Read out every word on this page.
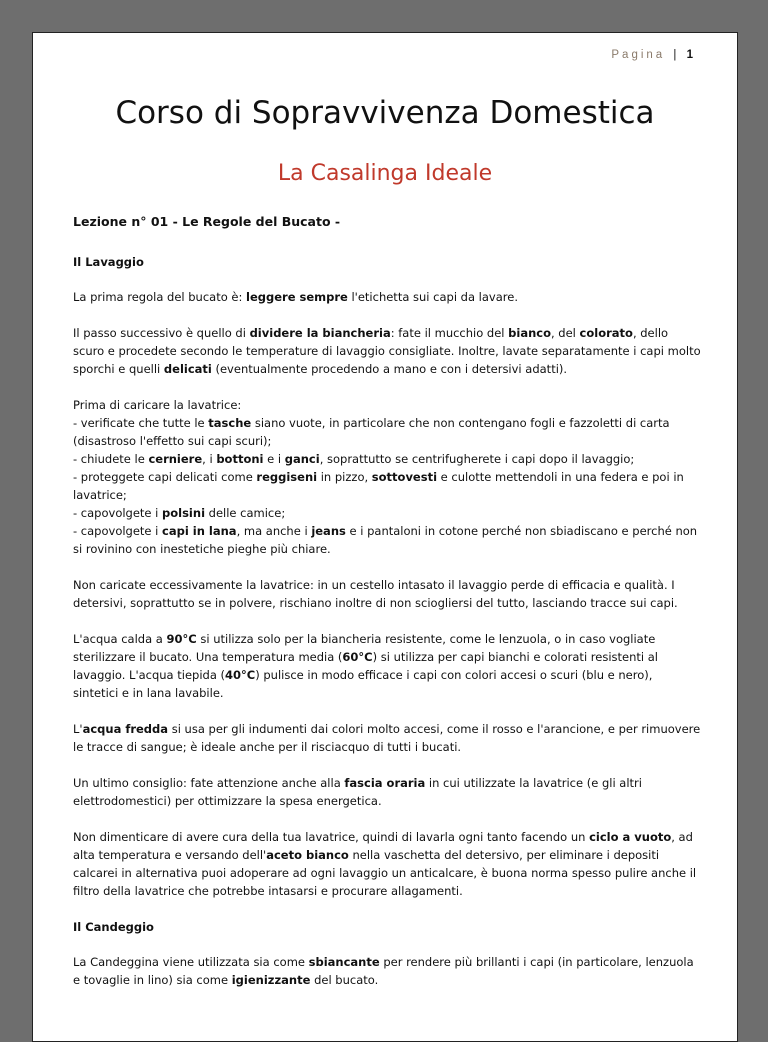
Pagina | 1
Corso di Sopravvivenza Domestica
La Casalinga Ideale
Lezione n° 01 - Le Regole del Bucato -
Il Lavaggio
La prima regola del bucato è: leggere sempre l'etichetta sui capi da lavare.
Il passo successivo è quello di dividere la biancheria: fate il mucchio del bianco, del colorato, dello scuro e procedete secondo le temperature di lavaggio consigliate. Inoltre, lavate separatamente i capi molto sporchi e quelli delicati (eventualmente procedendo a mano e con i detersivi adatti).
Prima di caricare la lavatrice:
- verificate che tutte le tasche siano vuote, in particolare che non contengano fogli e fazzoletti di carta (disastroso l'effetto sui capi scuri);
- chiudete le cerniere, i bottoni e i ganci, soprattutto se centrifugherete i capi dopo il lavaggio;
- proteggete capi delicati come reggiseni in pizzo, sottovesti e culotte mettendoli in una federa e poi in lavatrice;
- capovolgete i polsini delle camice;
- capovolgete i capi in lana, ma anche i jeans e i pantaloni in cotone perché non sbiadiscano e perché non si rovinino con inestetiche pieghe più chiare.
Non caricate eccessivamente la lavatrice: in un cestello intasato il lavaggio perde di efficacia e qualità. I detersivi, soprattutto se in polvere, rischiano inoltre di non sciogliersi del tutto, lasciando tracce sui capi.
L'acqua calda a 90°C si utilizza solo per la biancheria resistente, come le lenzuola, o in caso vogliate sterilizzare il bucato. Una temperatura media (60°C) si utilizza per capi bianchi e colorati resistenti al lavaggio. L'acqua tiepida (40°C) pulisce in modo efficace i capi con colori accesi o scuri (blu e nero), sintetici e in lana lavabile.
L'acqua fredda si usa per gli indumenti dai colori molto accesi, come il rosso e l'arancione, e per rimuovere le tracce di sangue; è ideale anche per il risciacquo di tutti i bucati.
Un ultimo consiglio: fate attenzione anche alla fascia oraria in cui utilizzate la lavatrice (e gli altri elettrodomestici) per ottimizzare la spesa energetica.
Non dimenticare di avere cura della tua lavatrice, quindi di lavarla ogni tanto facendo un ciclo a vuoto, ad alta temperatura e versando dell'aceto bianco nella vaschetta del detersivo, per eliminare i depositi calcarei in alternativa puoi adoperare ad ogni lavaggio un anticalcare, è buona norma spesso pulire anche il filtro della lavatrice che potrebbe intasarsi e procurare allagamenti.
Il Candeggio
La Candeggina viene utilizzata sia come sbiancante per rendere più brillanti i capi (in particolare, lenzuola e tovaglie in lino) sia come igienizzante del bucato.
